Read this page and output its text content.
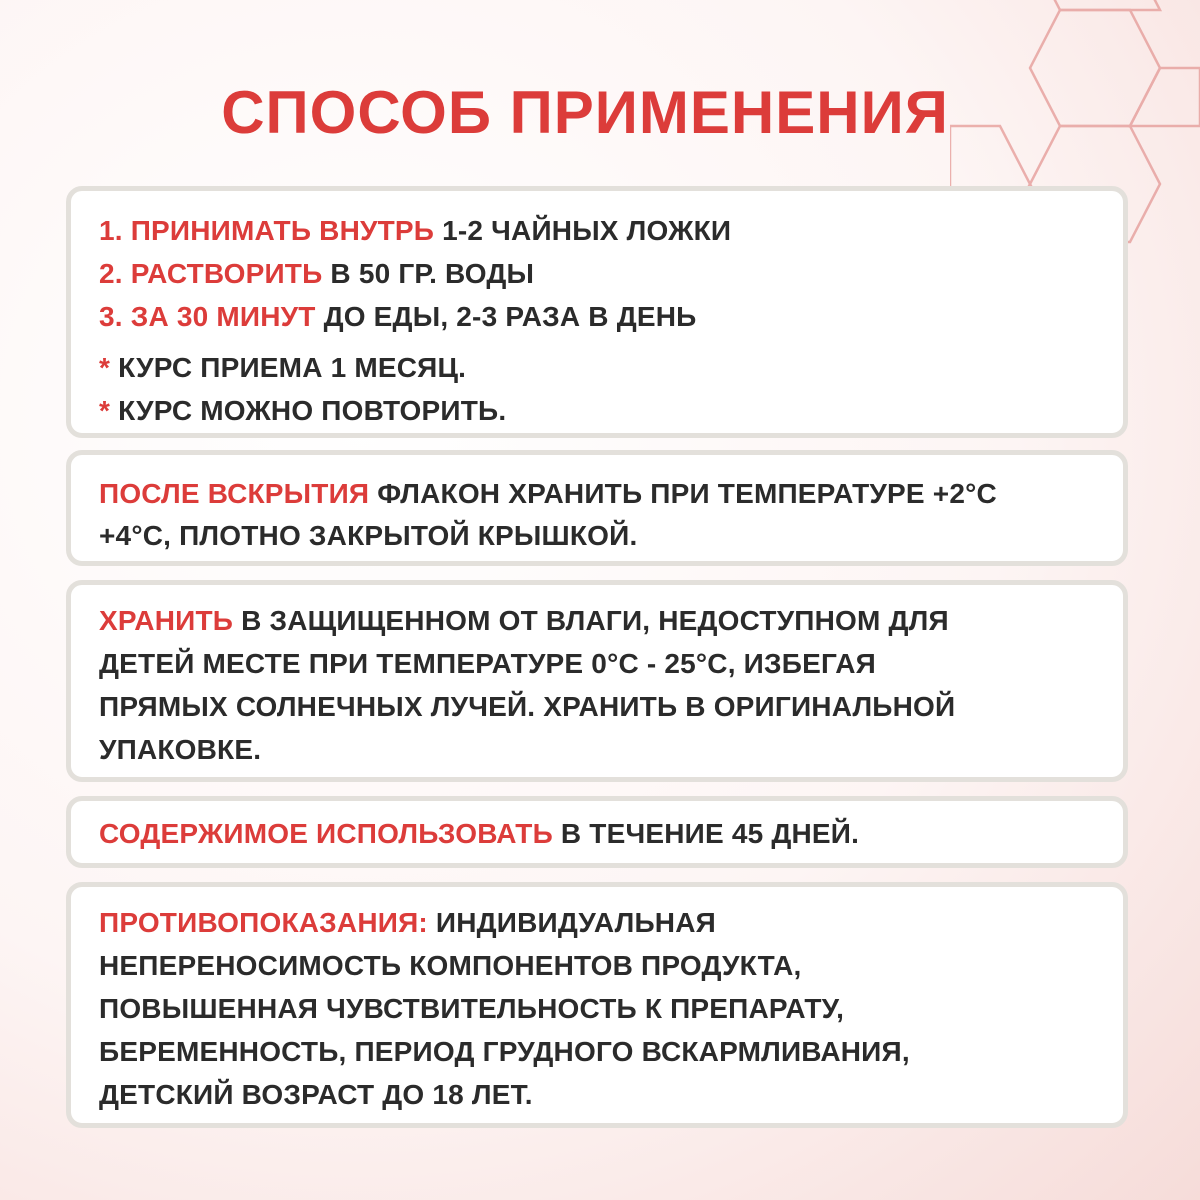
СПОСОБ ПРИМЕНЕНИЯ
1. ПРИНИМАТЬ ВНУТРЬ 1-2 ЧАЙНЫХ ЛОЖКИ
2. РАСТВОРИТЬ В 50 ГР. ВОДЫ
3. ЗА 30 МИНУТ ДО ЕДЫ, 2-3 РАЗА В ДЕНЬ
* КУРС ПРИЕМА 1 МЕСЯЦ.
* КУРС МОЖНО ПОВТОРИТЬ.
ПОСЛЕ ВСКРЫТИЯ ФЛАКОН ХРАНИТЬ ПРИ ТЕМПЕРАТУРЕ +2°С
+4°С, ПЛОТНО ЗАКРЫТОЙ КРЫШКОЙ.
ХРАНИТЬ В ЗАЩИЩЕННОМ ОТ ВЛАГИ, НЕДОСТУПНОМ ДЛЯ
ДЕТЕЙ МЕСТЕ ПРИ ТЕМПЕРАТУРЕ 0°С - 25°С, ИЗБЕГАЯ
ПРЯМЫХ СОЛНЕЧНЫХ ЛУЧЕЙ. ХРАНИТЬ В ОРИГИНАЛЬНОЙ
УПАКОВКЕ.
СОДЕРЖИМОЕ ИСПОЛЬЗОВАТЬ В ТЕЧЕНИЕ 45 ДНЕЙ.
ПРОТИВОПОКАЗАНИЯ: ИНДИВИДУАЛЬНАЯ
НЕПЕРЕНОСИМОСТЬ КОМПОНЕНТОВ ПРОДУКТА,
ПОВЫШЕННАЯ ЧУВСТВИТЕЛЬНОСТЬ К ПРЕПАРАТУ,
БЕРЕМЕННОСТЬ, ПЕРИОД ГРУДНОГО ВСКАРМЛИВАНИЯ,
ДЕТСКИЙ ВОЗРАСТ ДО 18 ЛЕТ.
